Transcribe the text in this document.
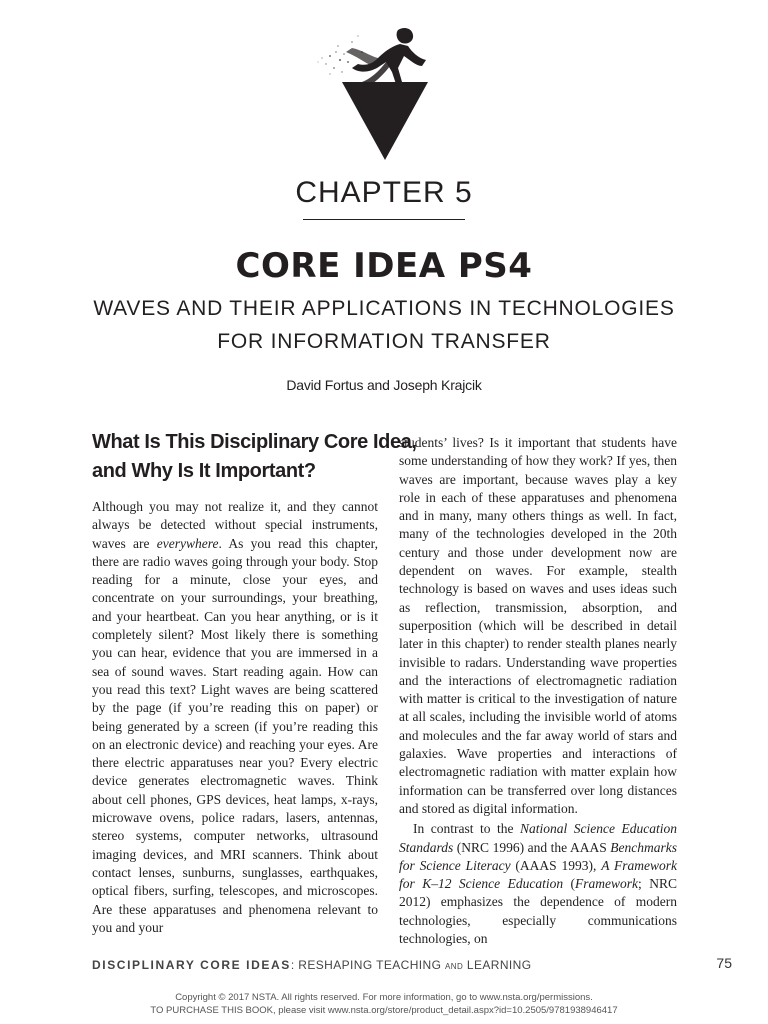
CHAPTER 5
CORE IDEA PS4
WAVES AND THEIR APPLICATIONS IN TECHNOLOGIES
FOR INFORMATION TRANSFER
David Fortus and Joseph Krajcik
What Is This Disciplinary Core Idea,
and Why Is It Important?

Although you may not realize it, and they cannot always be detected without special instruments, waves are everywhere. As you read this chapter, there are radio waves going through your body. Stop reading for a minute, close your eyes, and concentrate on your surroundings, your breathing, and your heartbeat. Can you hear anything, or is it completely silent? Most likely there is something you can hear, evidence that you are immersed in a sea of sound waves. Start reading again. How can you read this text? Light waves are being scattered by the page (if you’re reading this on paper) or being generated by a screen (if you’re reading this on an electronic device) and reaching your eyes. Are there electric apparatuses near you? Every electric device generates electromagnetic waves. Think about cell phones, GPS devices, heat lamps, x-rays, microwave ovens, police radars, lasers, antennas, stereo systems, computer networks, ultrasound imaging devices, and MRI scanners. Think about contact lenses, sunburns, sunglasses, earthquakes, optical fibers, surfing, telescopes, and microscopes. Are these apparatuses and phenomena relevant to you and your

students’ lives? Is it important that students have some understanding of how they work? If yes, then waves are important, because waves play a key role in each of these apparatuses and phenomena and in many, many others things as well. In fact, many of the technologies developed in the 20th century and those under development now are dependent on waves. For example, stealth technology is based on waves and uses ideas such as reflection, transmission, absorption, and superposition (which will be described in detail later in this chapter) to render stealth planes nearly invisible to radars. Understanding wave properties and the interactions of electromagnetic radiation with matter is critical to the investigation of nature at all scales, including the invisible world of atoms and molecules and the far away world of stars and galaxies. Wave properties and interactions of electromagnetic radiation with matter explain how information can be transferred over long distances and stored as digital information.

In contrast to the National Science Education Standards (NRC 1996) and the AAAS Benchmarks for Science Literacy (AAAS 1993), A Framework for K–12 Science Education (Framework; NRC 2012) emphasizes the dependence of modern technologies, especially communications technologies, on

DISCIPLINARY CORE IDEAS: RESHAPING TEACHING AND LEARNING	75
Copyright © 2017 NSTA. All rights reserved. For more information, go to www.nsta.org/permissions.
TO PURCHASE THIS BOOK, please visit www.nsta.org/store/product_detail.aspx?id=10.2505/9781938946417
